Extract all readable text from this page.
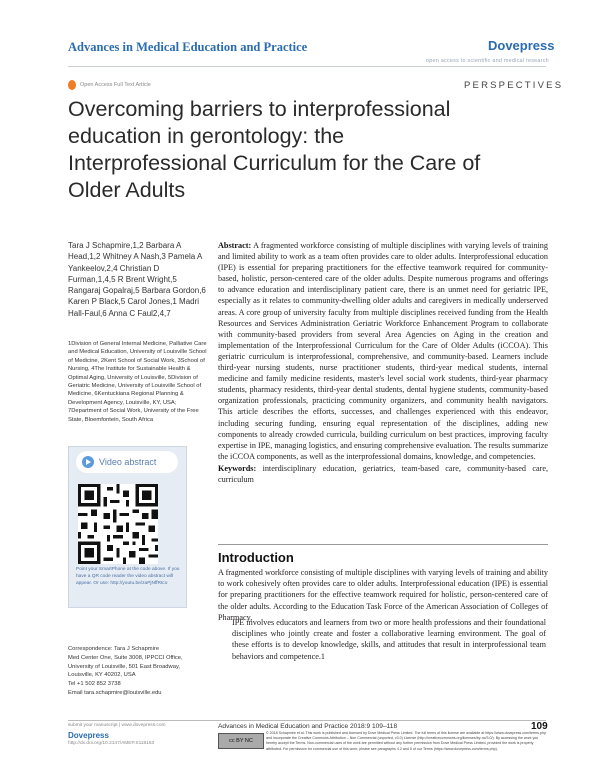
Advances in Medical Education and Practice	Dovepress
open access to scientific and medical research
Open Access Full Text Article	PERSPECTIVES
Overcoming barriers to interprofessional education in gerontology: the Interprofessional Curriculum for the Care of Older Adults
Tara J Schapmire,1,2 Barbara A Head,1,2 Whitney A Nash,3 Pamela A Yankeelov,2,4 Christian D Furman,1,4,5 R Brent Wright,5 Rangaraj Gopalraj,5 Barbara Gordon,6 Karen P Black,5 Carol Jones,1 Madri Hall-Faul,6 Anna C Faul2,4,7
1Division of General Internal Medicine, Palliative Care and Medical Education, University of Louisville School of Medicine, 2Kent School of Social Work, 3School of Nursing, 4The Institute for Sustainable Health & Optimal Aging, University of Louisville, 5Division of Geriatric Medicine, University of Louisville School of Medicine, 6Kentuckiana Regional Planning & Development Agency, Louisville, KY, USA; 7Department of Social Work, University of the Free State, Bloemfontein, South Africa
Video abstract
Point your SmartPhone at the code above. If you have a QR code reader the video abstract will appear. Or use: http://youtu.be/zaPjNffRtco
Correspondence: Tara J Schapmire
Med Center One, Suite 3008, IPPCCI Office,
University of Louisville, 501 East Broadway,
Louisville, KY 40202, USA
Tel +1 502 852 3738
Email tara.schapmire@louisville.edu
Abstract: A fragmented workforce consisting of multiple disciplines with varying levels of training and limited ability to work as a team often provides care to older adults. Interprofessional education (IPE) is essential for preparing practitioners for the effective teamwork required for community-based, holistic, person-centered care of the older adults. Despite numerous programs and offerings to advance education and interdisciplinary patient care, there is an unmet need for geriatric IPE, especially as it relates to community-dwelling older adults and caregivers in medically underserved areas. A core group of university faculty from multiple disciplines received funding from the Health Resources and Services Administration Geriatric Workforce Enhancement Program to collaborate with community-based providers from several Area Agencies on Aging in the creation and implementation of the Interprofessional Curriculum for the Care of Older Adults (iCCOA). This geriatric curriculum is interprofessional, comprehensive, and community-based. Learners include third-year nursing students, nurse practitioner students, third-year medical students, internal medicine and family medicine residents, master's level social work students, third-year pharmacy students, pharmacy residents, third-year dental students, dental hygiene students, community-based organization professionals, practicing community organizers, and community health navigators. This article describes the efforts, successes, and challenges experienced with this endeavor, including securing funding, ensuring equal representation of the disciplines, adding new components to already crowded curricula, building curriculum on best practices, improving faculty expertise in IPE, managing logistics, and ensuring comprehensive evaluation. The results summarize the iCCOA components, as well as the interprofessional domains, knowledge, and competencies.
Keywords: interdisciplinary education, geriatrics, team-based care, community-based care, curriculum
Introduction
A fragmented workforce consisting of multiple disciplines with varying levels of training and ability to work cohesively often provides care to older adults. Interprofessional education (IPE) is essential for preparing practitioners for the effective teamwork required for holistic, person-centered care of the older adults. According to the Education Task Force of the American Association of Colleges of Pharmacy,
IPE involves educators and learners from two or more health professions and their foundational disciplines who jointly create and foster a collaborative learning environment. The goal of these efforts is to develop knowledge, skills, and attitudes that result in interprofessional team behaviors and competence.1
submit your manuscript | www.dovepress.com
Dovepress
http://dx.doi.org/10.2147/AMEP.S118163
Advances in Medical Education and Practice 2018:9 109–118	109
cc BY NC
© 2018 Schapmire et al. This work is published and licensed by Dove Medical Press Limited. The full terms of this license are available at https://www.dovepress.com/terms.php and incorporate the Creative Commons Attribution – Non Commercial (unported, v3.0) License (http://creativecommons.org/licenses/by-nc/3.0/). By accessing the work you hereby accept the Terms. Non-commercial uses of the work are permitted without any further permission from Dove Medical Press Limited, provided the work is properly attributed. For permission for commercial use of this work, please see paragraphs 4.2 and 5 of our Terms (https://www.dovepress.com/terms.php).
